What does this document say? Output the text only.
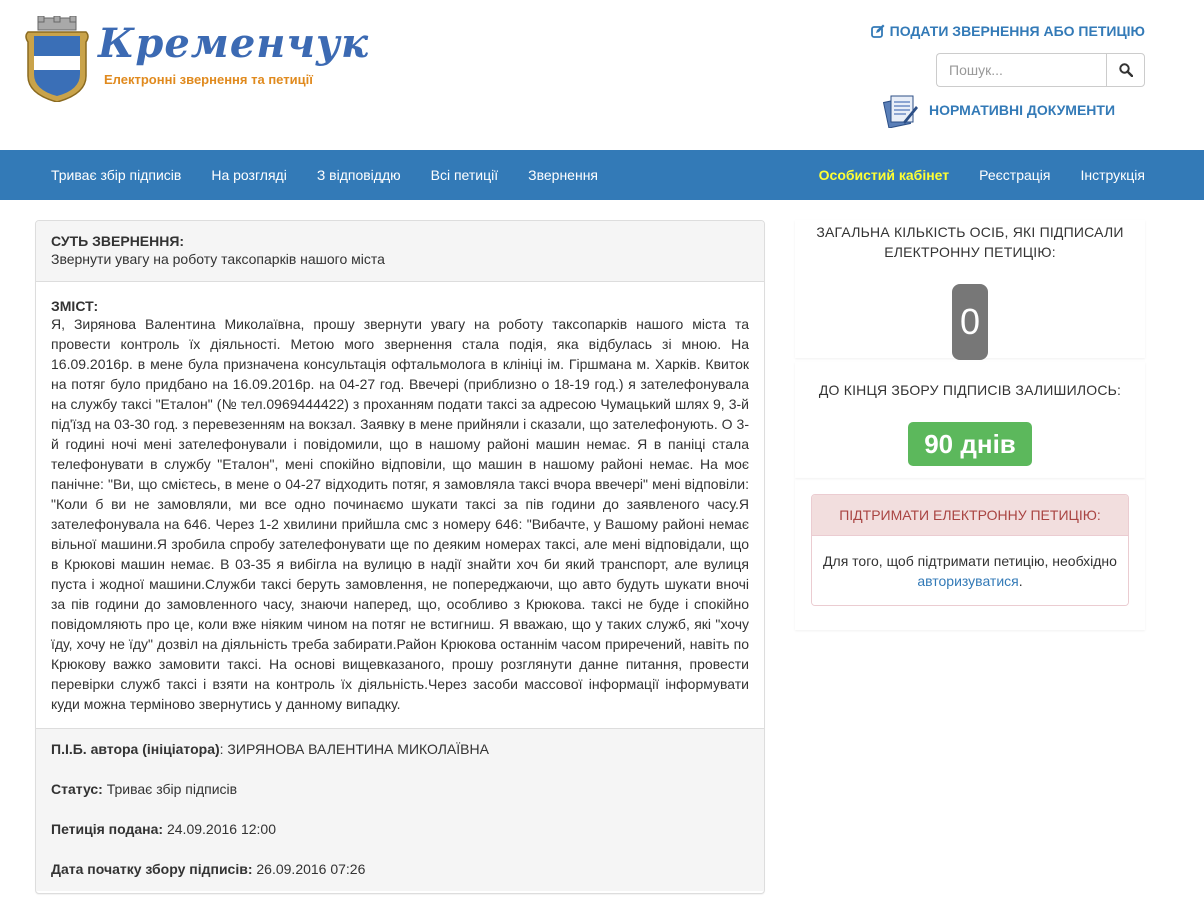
Кременчук
Електронні звернення та петиції
ПОДАТИ ЗВЕРНЕННЯ АБО ПЕТИЦІЮ
Пошук...
НОРМАТИВНІ ДОКУМЕНТИ
Триває збір підписів	На розгляді	З відповіддю	Всі петиції	Звернення	Особистий кабінет	Реєстрація	Інструкція
СУТЬ ЗВЕРНЕННЯ:
Звернути увагу на роботу таксопарків нашого міста
ЗМІСТ:
Я, Зирянова Валентина Миколаївна, прошу звернути увагу на роботу таксопарків нашого міста та провести контроль їх діяльності. Метою мого звернення стала подія, яка відбулась зі мною. На 16.09.2016р. в мене була призначена консультація офтальмолога в клініці ім. Гіршмана м. Харків. Квиток на потяг було придбано на 16.09.2016р. на 04-27 год. Ввечері (приблизно о 18-19 год.) я зателефонувала на службу таксі "Еталон" (№ тел.0969444422) з проханням подати таксі за адресою Чумацький шлях 9, 3-й під'їзд на 03-30 год. з перевезенням на вокзал. Заявку в мене прийняли і сказали, що зателефонують. О 3-й годині ночі мені зателефонували і повідомили, що в нашому районі машин немає. Я в паніці стала телефонувати в службу "Еталон", мені спокійно відповіли, що машин в нашому районі немає. На моє панічне: "Ви, що смієтесь, в мене о 04-27 відходить потяг, я замовляла таксі вчора ввечері" мені відповіли: "Коли б ви не замовляли, ми все одно починаємо шукати таксі за пів години до заявленого часу.Я зателефонувала на 646. Через 1-2 хвилини прийшла смс з номеру 646: "Вибачте, у Вашому районі немає вільної машини.Я зробила спробу зателефонувати ще по деяким номерах таксі, але мені відповідали, що в Крюкові машин немає. В 03-35 я вибігла на вулицю в надії знайти хоч би який транспорт, але вулиця пуста і жодної машини.Служби таксі беруть замовлення, не попереджаючи, що авто будуть шукати вночі за пів години до замовленного часу, знаючи наперед, що, особливо з Крюкова. таксі не буде і спокійно повідомляють про це, коли вже ніяким чином на потяг не встигниш. Я вважаю, що у таких служб, які "хочу їду, хочу не їду" дозвіл на діяльність треба забирати.Район Крюкова останнім часом приречений, навіть по Крюкову важко замовити таксі. На основі вищевказаного, прошу розглянути данне питання, провести перевірки служб таксі і взяти на контроль їх діяльність.Через засоби массової інформації інформувати куди можна терміново звернутись у данному випадку.
П.І.Б. автора (ініціатора): ЗИРЯНОВА ВАЛЕНТИНА МИКОЛАЇВНА
Статус: Триває збір підписів
Петиція подана: 24.09.2016 12:00
Дата початку збору підписів: 26.09.2016 07:26
ЗАГАЛЬНА КІЛЬКІСТЬ ОСІБ, ЯКІ ПІДПИСАЛИ ЕЛЕКТРОННУ ПЕТИЦІЮ:
0
ДО КІНЦЯ ЗБОРУ ПІДПИСІВ ЗАЛИШИЛОСЬ:
90 днів
ПІДТРИМАТИ ЕЛЕКТРОННУ ПЕТИЦІЮ:
Для того, щоб підтримати петицію, необхідно авторизуватися.
